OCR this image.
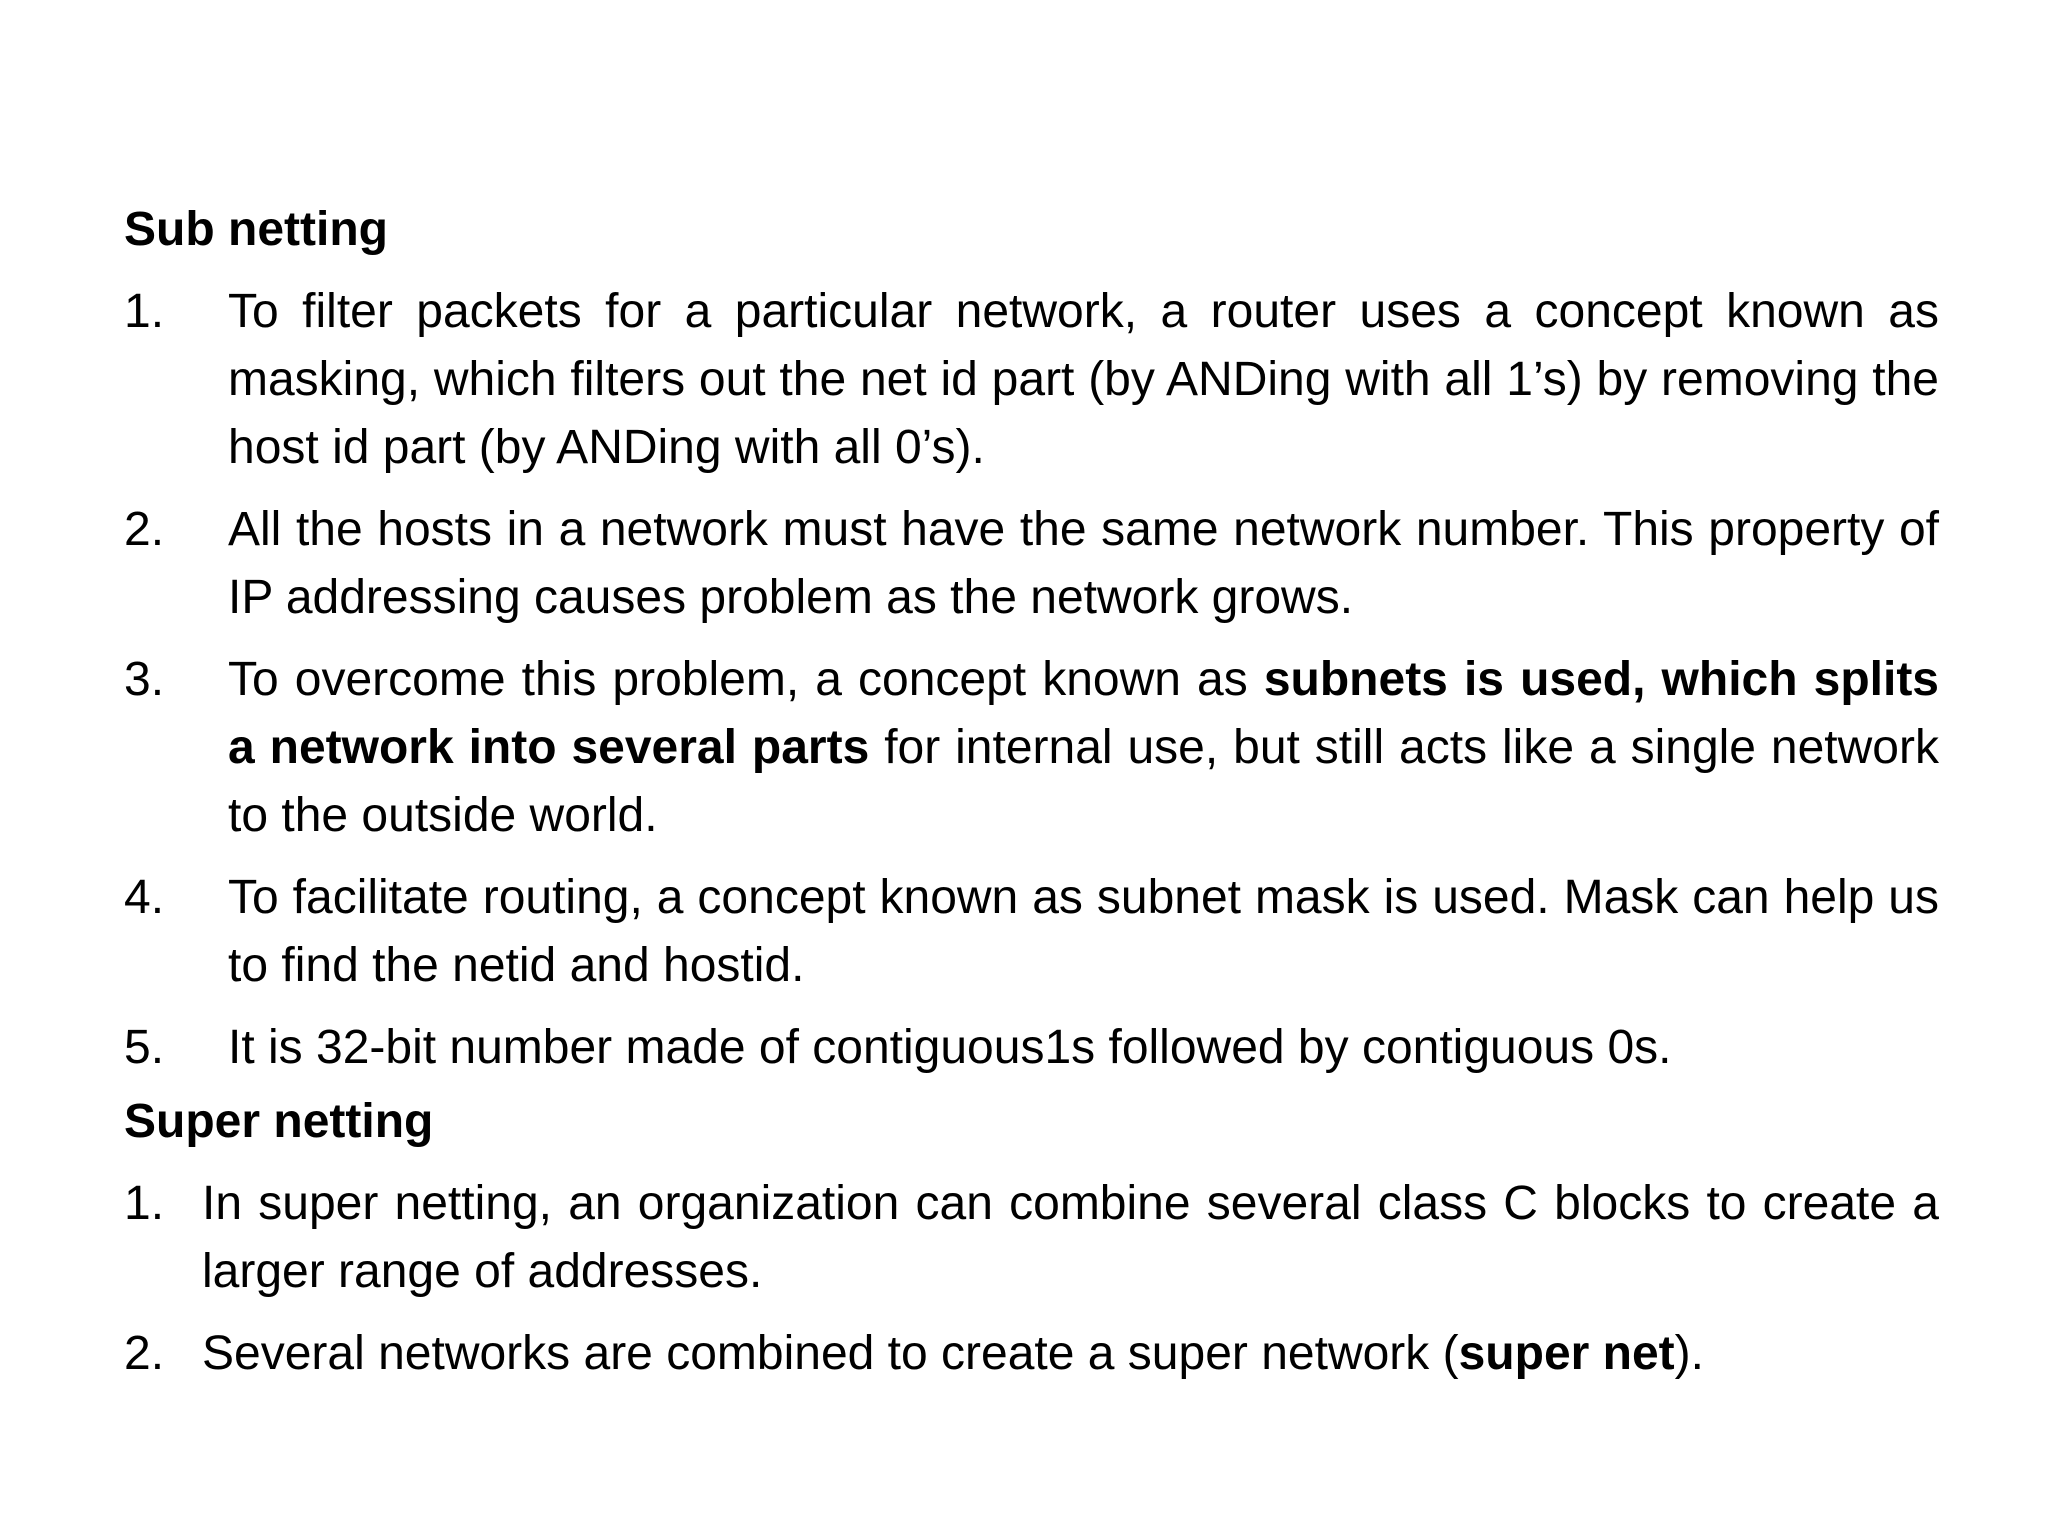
Sub netting
1. To filter packets for a particular network, a router uses a concept known as masking, which filters out the net id part (by ANDing with all 1’s) by removing the host id part (by ANDing with all 0’s).
2. All the hosts in a network must have the same network number. This property of IP addressing causes problem as the network grows.
3. To overcome this problem, a concept known as subnets is used, which splits a network into several parts for internal use, but still acts like a single network to the outside world.
4. To facilitate routing, a concept known as subnet mask is used. Mask can help us to find the netid and hostid.
5. It is 32-bit number made of contiguous1s followed by contiguous 0s.
Super netting
1. In super netting, an organization can combine several class C blocks to create a larger range of addresses.
2. Several networks are combined to create a super network (super net).
